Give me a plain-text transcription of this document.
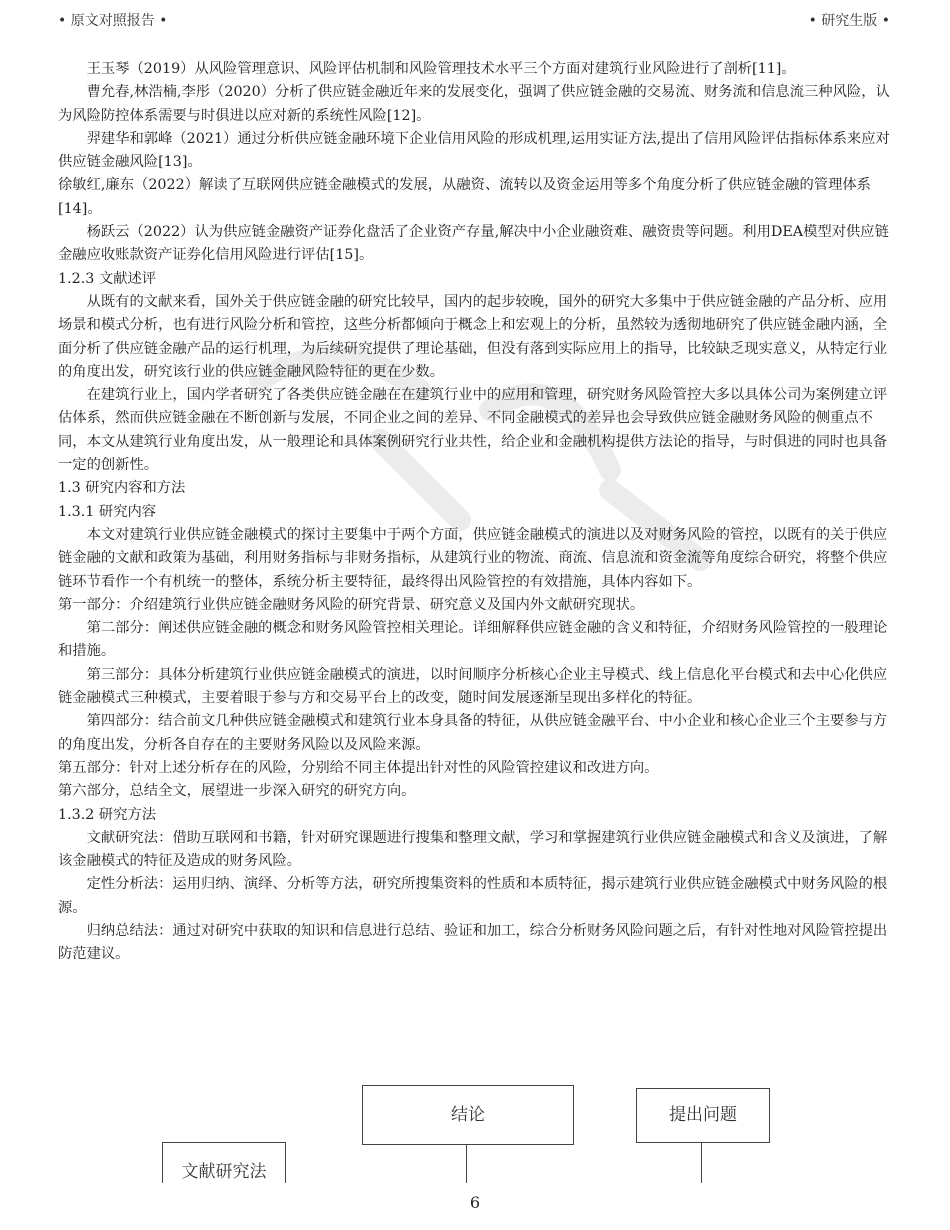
• 原文对照报告 •	• 研究生版 •

王玉琴（2019）从风险管理意识、风险评估机制和风险管理技术水平三个方面对建筑行业风险进行了剖析[11]。

曹允春,林浩楠,李彤（2020）分析了供应链金融近年来的发展变化，强调了供应链金融的交易流、财务流和信息流三种风险，认为风险防控体系需要与时俱进以应对新的系统性风险[12]。

羿建华和郭峰（2021）通过分析供应链金融环境下企业信用风险的形成机理,运用实证方法,提出了信用风险评估指标体系来应对供应链金融风险[13]。

徐敏红,廉东（2022）解读了互联网供应链金融模式的发展，从融资、流转以及资金运用等多个角度分析了供应链金融的管理体系[14]。

杨跃云（2022）认为供应链金融资产证券化盘活了企业资产存量,解决中小企业融资难、融资贵等问题。利用DEA模型对供应链金融应收账款资产证券化信用风险进行评估[15]。

1.2.3 文献述评

从既有的文献来看，国外关于供应链金融的研究比较早，国内的起步较晚，国外的研究大多集中于供应链金融的产品分析、应用场景和模式分析，也有进行风险分析和管控，这些分析都倾向于概念上和宏观上的分析，虽然较为透彻地研究了供应链金融内涵，全面分析了供应链金融产品的运行机理，为后续研究提供了理论基础，但没有落到实际应用上的指导，比较缺乏现实意义，从特定行业的角度出发，研究该行业的供应链金融风险特征的更在少数。

在建筑行业上，国内学者研究了各类供应链金融在在建筑行业中的应用和管理，研究财务风险管控大多以具体公司为案例建立评估体系，然而供应链金融在不断创新与发展，不同企业之间的差异、不同金融模式的差异也会导致供应链金融财务风险的侧重点不同，本文从建筑行业角度出发，从一般理论和具体案例研究行业共性，给企业和金融机构提供方法论的指导，与时俱进的同时也具备一定的创新性。

1.3 研究内容和方法

1.3.1 研究内容

本文对建筑行业供应链金融模式的探讨主要集中于两个方面，供应链金融模式的演进以及对财务风险的管控，以既有的关于供应链金融的文献和政策为基础，利用财务指标与非财务指标，从建筑行业的物流、商流、信息流和资金流等角度综合研究，将整个供应链环节看作一个有机统一的整体，系统分析主要特征，最终得出风险管控的有效措施，具体内容如下。

第一部分：介绍建筑行业供应链金融财务风险的研究背景、研究意义及国内外文献研究现状。

第二部分：阐述供应链金融的概念和财务风险管控相关理论。详细解释供应链金融的含义和特征，介绍财务风险管控的一般理论和措施。

第三部分：具体分析建筑行业供应链金融模式的演进，以时间顺序分析核心企业主导模式、线上信息化平台模式和去中心化供应链金融模式三种模式，主要着眼于参与方和交易平台上的改变，随时间发展逐渐呈现出多样化的特征。

第四部分：结合前文几种供应链金融模式和建筑行业本身具备的特征，从供应链金融平台、中小企业和核心企业三个主要参与方的角度出发，分析各自存在的主要财务风险以及风险来源。

第五部分：针对上述分析存在的风险，分别给不同主体提出针对性的风险管控建议和改进方向。

第六部分，总结全文，展望进一步深入研究的研究方向。

1.3.2 研究方法

文献研究法：借助互联网和书籍，针对研究课题进行搜集和整理文献，学习和掌握建筑行业供应链金融模式和含义及演进，了解该金融模式的特征及造成的财务风险。

定性分析法：运用归纳、演绎、分析等方法，研究所搜集资料的性质和本质特征，揭示建筑行业供应链金融模式中财务风险的根源。

归纳总结法：通过对研究中获取的知识和信息进行总结、验证和加工，综合分析财务风险问题之后，有针对性地对风险管控提出防范建议。

结论	提出问题
文献研究法
6
